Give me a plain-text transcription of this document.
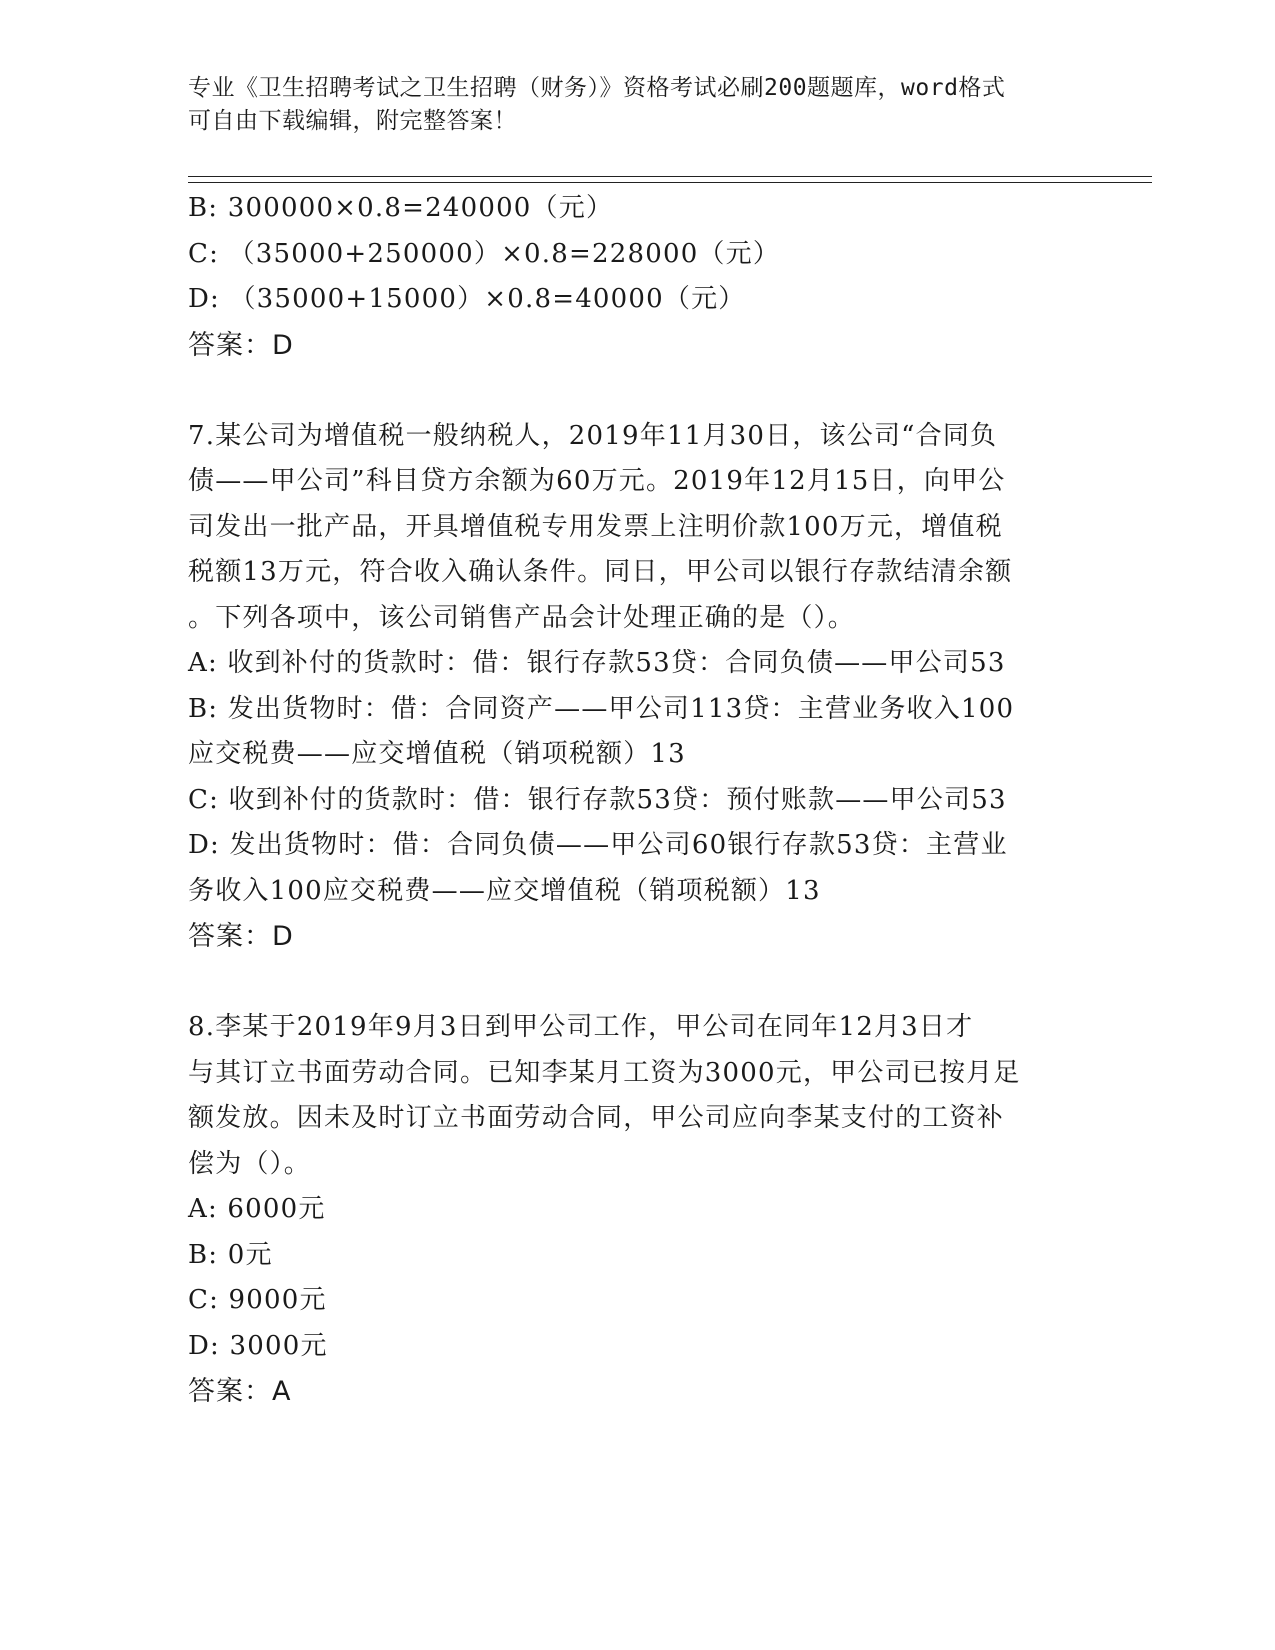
专业《卫生招聘考试之卫生招聘（财务）》资格考试必刷200题题库，word格式
可自由下载编辑，附完整答案！
B: 300000×0.8=240000（元）
C: （35000+250000）×0.8=228000（元）
D: （35000+15000）×0.8=40000（元）
答案：D
7.某公司为增值税一般纳税人，2019年11月30日，该公司“合同负
债——甲公司”科目贷方余额为60万元。2019年12月15日，向甲公
司发出一批产品，开具增值税专用发票上注明价款100万元，增值税
税额13万元，符合收入确认条件。同日，甲公司以银行存款结清余额
。下列各项中，该公司销售产品会计处理正确的是（）。
A: 收到补付的货款时：借：银行存款53贷：合同负债——甲公司53
B: 发出货物时：借：合同资产——甲公司113贷：主营业务收入100
应交税费——应交增值税（销项税额）13
C: 收到补付的货款时：借：银行存款53贷：预付账款——甲公司53
D: 发出货物时：借：合同负债——甲公司60银行存款53贷：主营业
务收入100应交税费——应交增值税（销项税额）13
答案：D
8.李某于2019年9月3日到甲公司工作，甲公司在同年12月3日才
与其订立书面劳动合同。已知李某月工资为3000元，甲公司已按月足
额发放。因未及时订立书面劳动合同，甲公司应向李某支付的工资补
偿为（）。
A: 6000元
B: 0元
C: 9000元
D: 3000元
答案：A
